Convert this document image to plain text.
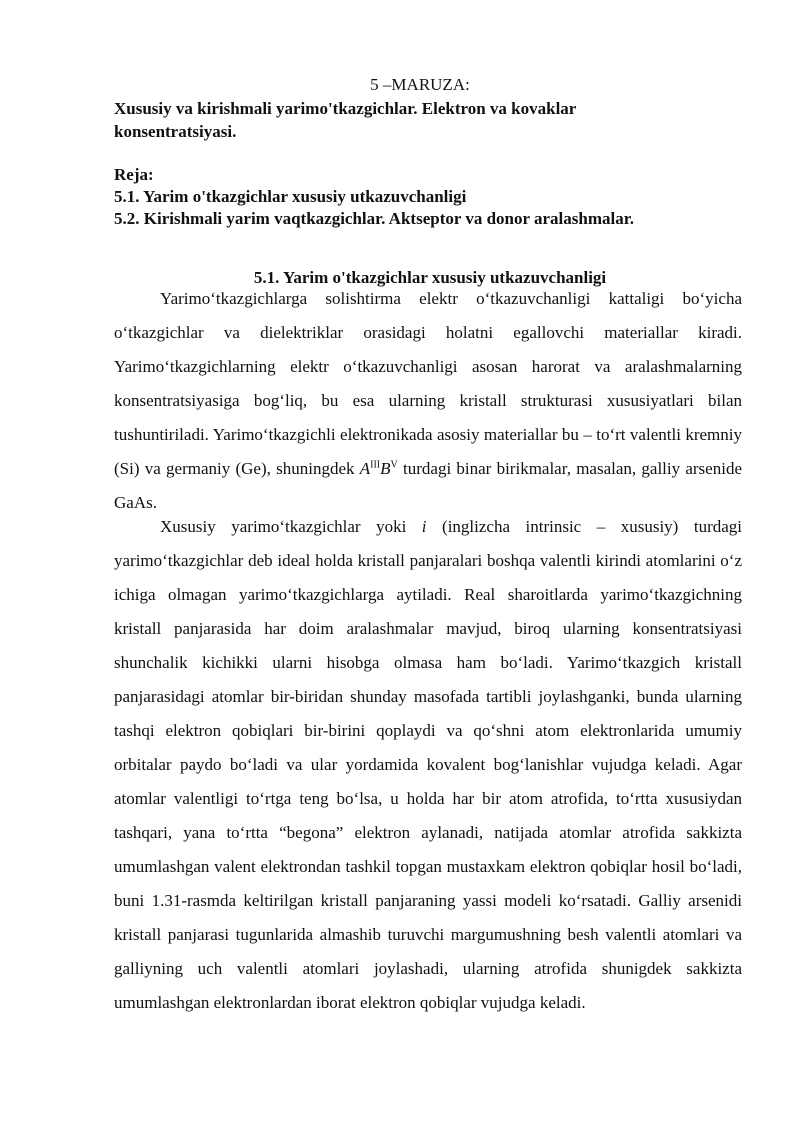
5 –MARUZA:
Xususiy va kirishmali yarimo'tkazgichlar. Elektron va kovaklar
konsentratsiyasi.
Reja:
5.1. Yarim o'tkazgichlar xususiy utkazuvchanligi
5.2. Kirishmali yarim vaqtkazgichlar. Aktseptor va donor aralashmalar.
5.1. Yarim o'tkazgichlar xususiy utkazuvchanligi
Yarimo‘tkazgichlarga solishtirma elektr o‘tkazuvchanligi kattaligi bo‘yicha o‘tkazgichlar va dielektriklar orasidagi holatni egallovchi materiallar kiradi. Yarimo‘tkazgichlarning elektr o‘tkazuvchanligi asosan harorat va aralashmalarning konsentratsiyasiga bog‘liq, bu esa ularning kristall strukturasi xususiyatlari bilan tushuntiriladi. Yarimo‘tkazgichli elektronikada asosiy materiallar bu – to‘rt valentli kremniy (Si) va germaniy (Ge), shuningdek $A^{III}B^V$ turdagi binar birikmalar, masalan, galliy arsenide GaAs.
Xususiy yarimo‘tkazgichlar yoki i (inglizcha intrinsic – xususiy) turdagi yarimo‘tkazgichlar deb ideal holda kristall panjaralari boshqa valentli kirindi atomlarini o‘z ichiga olmagan yarimo‘tkazgichlarga aytiladi. Real sharoitlarda yarimo‘tkazgichning kristall panjarasida har doim aralashmalar mavjud, biroq ularning konsentratsiyasi shunchalik kichikki ularni hisobga olmasa ham bo‘ladi. Yarimo‘tkazgich kristall panjarasidagi atomlar bir-biridan shunday masofada tartibli joylashganki, bunda ularning tashqi elektron qobiqlari bir-birini qoplaydi va qo‘shni atom elektronlarida umumiy orbitalar paydo bo‘ladi va ular yordamida kovalent bog‘lanishlar vujudga keladi. Agar atomlar valentligi to‘rtga teng bo‘lsa, u holda har bir atom atrofida, to‘rtta xususiydan tashqari, yana to‘rtta “begona” elektron aylanadi, natijada atomlar atrofida sakkizta umumlashgan valent elektrondan tashkil topgan mustaxkam elektron qobiqlar hosil bo‘ladi, buni 1.31-rasmda keltirilgan kristall panjaraning yassi modeli ko‘rsatadi. Galliy arsenidi kristall panjarasi tugunlarida almashib turuvchi margumushning besh valentli atomlari va galliyning uch valentli atomlari joylashadi, ularning atrofida shunigdek sakkizta umumlashgan elektronlardan iborat elektron qobiqlar vujudga keladi.
